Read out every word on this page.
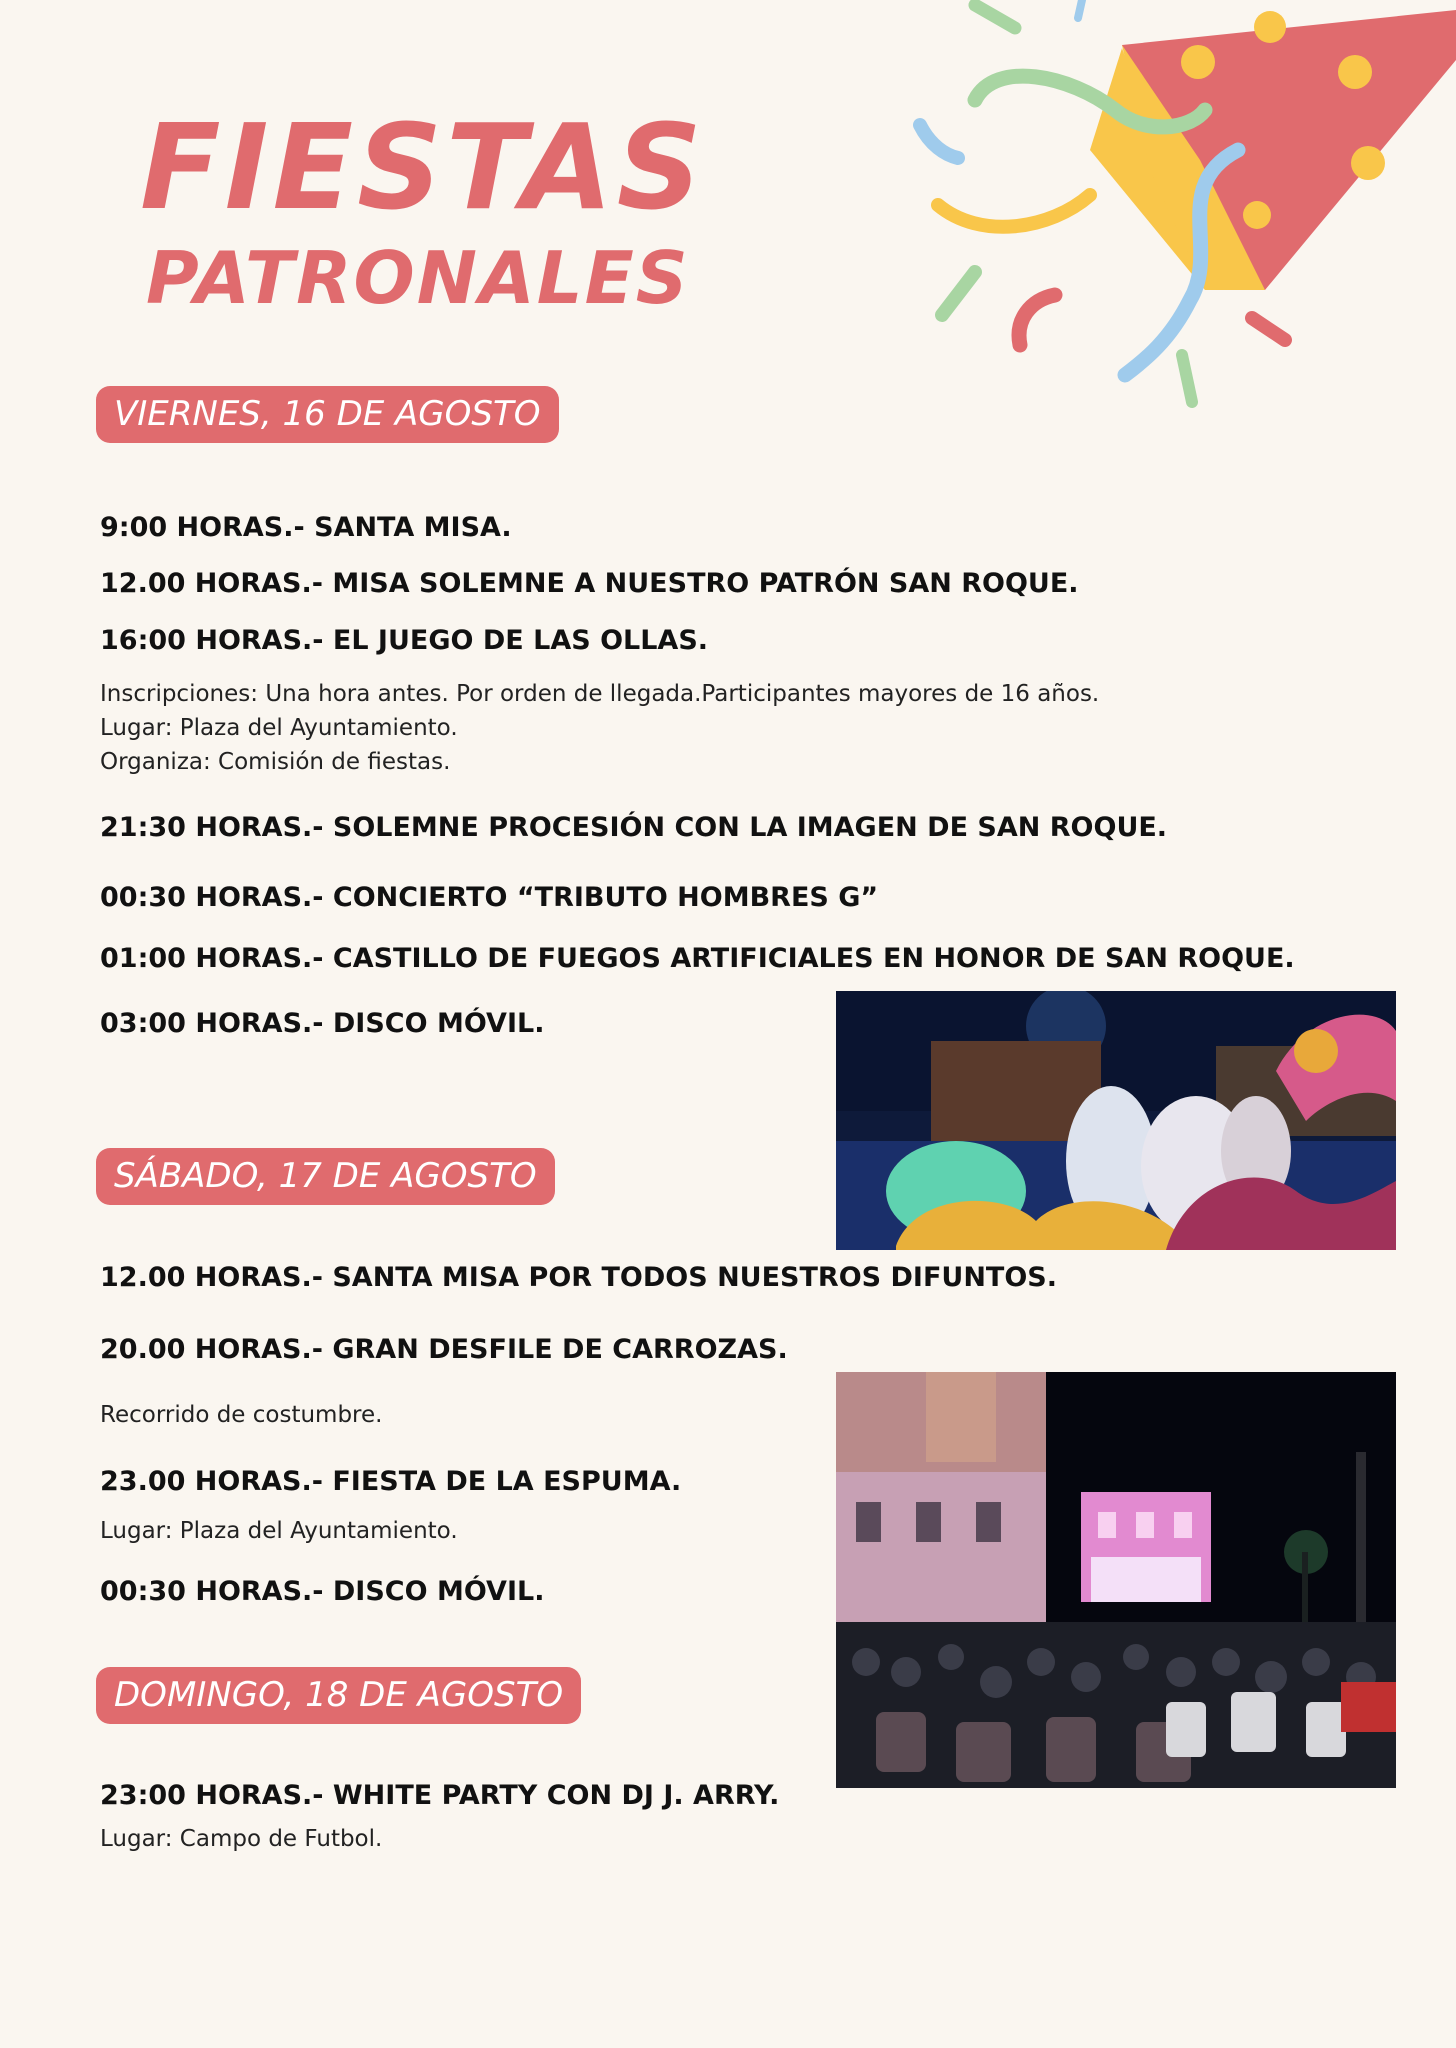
FIESTAS
PATRONALES
VIERNES, 16 DE AGOSTO
9:00 HORAS.- SANTA MISA.
12.00 HORAS.- MISA SOLEMNE A NUESTRO PATRÓN SAN ROQUE.
16:00 HORAS.- EL JUEGO DE LAS OLLAS.
Inscripciones: Una hora antes. Por orden de llegada.Participantes mayores de 16 años.
Lugar: Plaza del Ayuntamiento.
Organiza: Comisión de fiestas.
21:30 HORAS.- SOLEMNE PROCESIÓN CON LA IMAGEN DE SAN ROQUE.
00:30 HORAS.- CONCIERTO “TRIBUTO HOMBRES G”
01:00 HORAS.- CASTILLO DE FUEGOS ARTIFICIALES EN HONOR DE SAN ROQUE.
03:00 HORAS.- DISCO MÓVIL.
SÁBADO, 17 DE AGOSTO
12.00 HORAS.- SANTA MISA POR TODOS NUESTROS DIFUNTOS.
20.00 HORAS.- GRAN DESFILE DE CARROZAS.
Recorrido de costumbre.
23.00 HORAS.- FIESTA DE LA ESPUMA.
Lugar: Plaza del Ayuntamiento.
00:30 HORAS.- DISCO MÓVIL.
DOMINGO, 18 DE AGOSTO
23:00 HORAS.- WHITE PARTY CON DJ J. ARRY.
Lugar: Campo de Futbol.
